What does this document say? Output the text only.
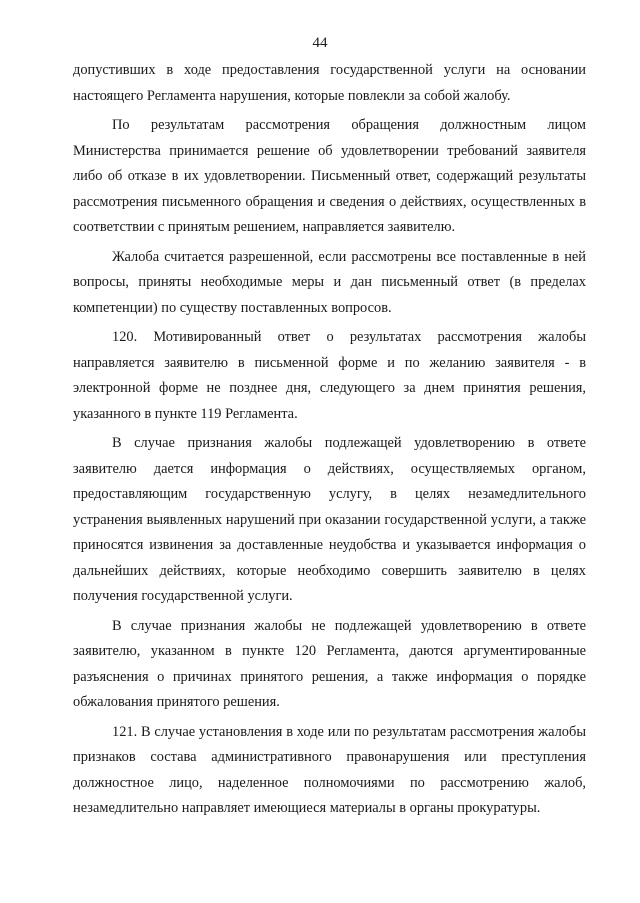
44

допустивших в ходе предоставления государственной услуги на основании настоящего Регламента нарушения, которые повлекли за собой жалобу.

По результатам рассмотрения обращения должностным лицом Министерства принимается решение об удовлетворении требований заявителя либо об отказе в их удовлетворении. Письменный ответ, содержащий результаты рассмотрения письменного обращения и сведения о действиях, осуществленных в соответствии с принятым решением, направляется заявителю.

Жалоба считается разрешенной, если рассмотрены все поставленные в ней вопросы, приняты необходимые меры и дан письменный ответ (в пределах компетенции) по существу поставленных вопросов.

120. Мотивированный ответ о результатах рассмотрения жалобы направляется заявителю в письменной форме и по желанию заявителя - в электронной форме не позднее дня, следующего за днем принятия решения, указанного в пункте 119 Регламента.

В случае признания жалобы подлежащей удовлетворению в ответе заявителю дается информация о действиях, осуществляемых органом, предоставляющим государственную услугу, в целях незамедлительного устранения выявленных нарушений при оказании государственной услуги, а также приносятся извинения за доставленные неудобства и указывается информация о дальнейших действиях, которые необходимо совершить заявителю в целях получения государственной услуги.

В случае признания жалобы не подлежащей удовлетворению в ответе заявителю, указанном в пункте 120 Регламента, даются аргументированные разъяснения о причинах принятого решения, а также информация о порядке обжалования принятого решения.

121. В случае установления в ходе или по результатам рассмотрения жалобы признаков состава административного правонарушения или преступления должностное лицо, наделенное полномочиями по рассмотрению жалоб, незамедлительно направляет имеющиеся материалы в органы прокуратуры.
